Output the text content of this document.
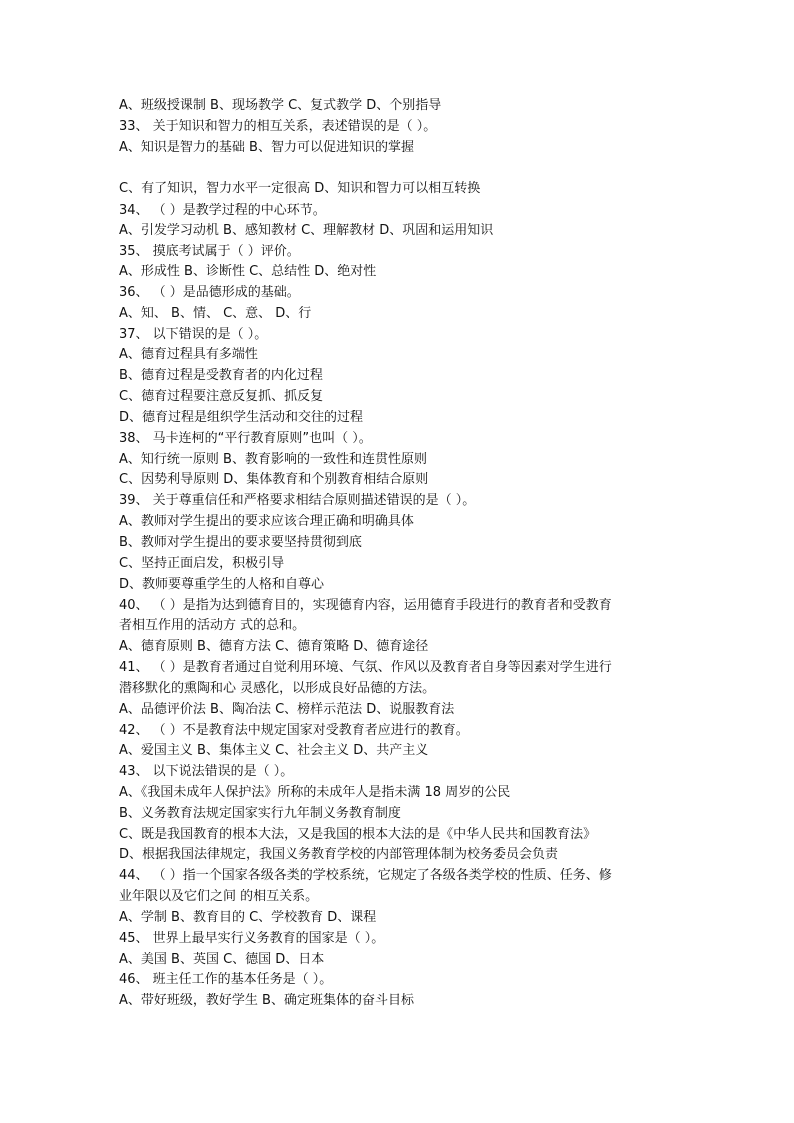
A、班级授课制 B、现场教学 C、复式教学 D、个别指导
33、 关于知识和智力的相互关系，表述错误的是（ ）。
A、知识是智力的基础 B、智力可以促进知识的掌握
C、有了知识，智力水平一定很高 D、知识和智力可以相互转换
34、 （ ）是教学过程的中心环节。
A、引发学习动机 B、感知教材 C、理解教材 D、巩固和运用知识
35、 摸底考试属于（ ）评价。
A、形成性 B、诊断性 C、总结性 D、绝对性
36、 （ ）是品德形成的基础。
A、知、 B、情、 C、意、 D、行
37、 以下错误的是（ ）。
A、德育过程具有多端性
B、德育过程是受教育者的内化过程
C、德育过程要注意反复抓、抓反复
D、德育过程是组织学生活动和交往的过程
38、 马卡连柯的“平行教育原则”也叫（ ）。
A、知行统一原则 B、教育影响的一致性和连贯性原则
C、因势利导原则 D、集体教育和个别教育相结合原则
39、 关于尊重信任和严格要求相结合原则描述错误的是（ ）。
A、教师对学生提出的要求应该合理正确和明确具体
B、教师对学生提出的要求要坚持贯彻到底
C、坚持正面启发，积极引导
D、教师要尊重学生的人格和自尊心
40、 （ ）是指为达到德育目的，实现德育内容，运用德育手段进行的教育者和受教育
者相互作用的活动方 式的总和。
A、德育原则 B、德育方法 C、德育策略 D、德育途径
41、 （ ）是教育者通过自觉利用环境、气氛、作风以及教育者自身等因素对学生进行
潜移默化的熏陶和心 灵感化，以形成良好品德的方法。
A、品德评价法 B、陶冶法 C、榜样示范法 D、说服教育法
42、 （ ）不是教育法中规定国家对受教育者应进行的教育。
A、爱国主义 B、集体主义 C、社会主义 D、共产主义
43、 以下说法错误的是（ ）。
A、《我国未成年人保护法》所称的未成年人是指未满 18 周岁的公民
B、义务教育法规定国家实行九年制义务教育制度
C、既是我国教育的根本大法，又是我国的根本大法的是《中华人民共和国教育法》
D、根据我国法律规定，我国义务教育学校的内部管理体制为校务委员会负责
44、 （ ）指一个国家各级各类的学校系统，它规定了各级各类学校的性质、任务、修
业年限以及它们之间 的相互关系。
A、学制 B、教育目的 C、学校教育 D、课程
45、 世界上最早实行义务教育的国家是（ ）。
A、美国 B、英国 C、德国 D、日本
46、 班主任工作的基本任务是（ ）。
A、带好班级，教好学生 B、确定班集体的奋斗目标
